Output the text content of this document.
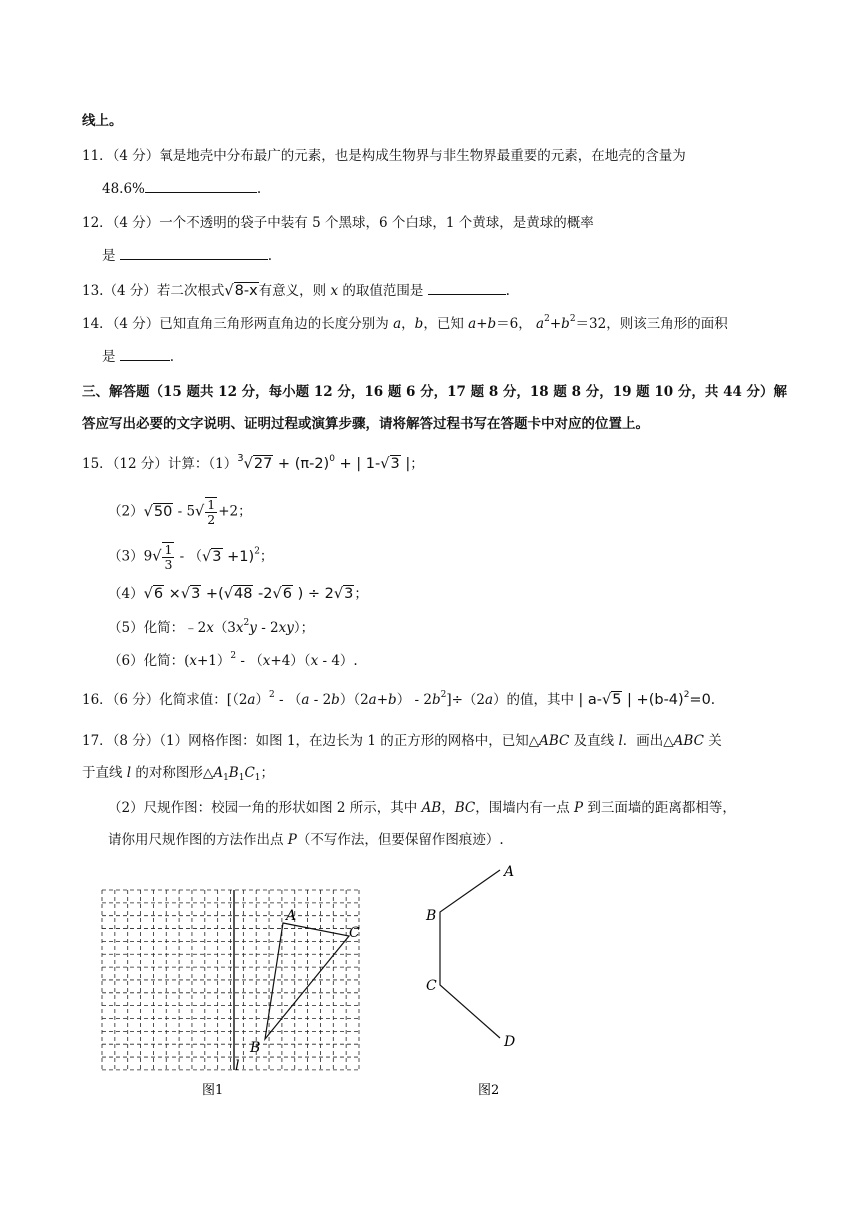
线上。
11．（4 分）氧是地壳中分布最广的元素，也是构成生物界与非生物界最重要的元素，在地壳的含量为
48.6%	.
12．（4 分）一个不透明的袋子中装有 5 个黑球，6 个白球，1 个黄球，是黄球的概率
是	.
13.（4 分）若二次根式√8-x有意义，则 x 的取值范围是	.
14．（4 分）已知直角三角形两直角边的长度分别为 a，b，已知 a+b＝6， $a^2+b^2=32$，则该三角形的面积
是	.
三、解答题（15 题共 12 分，每小题 12 分，16 题 6 分，17 题 8 分，18 题 8 分，19 题 10 分，共 44 分）解
答应写出必要的文字说明、证明过程或演算步骤，请将解答过程书写在答题卡中对应的位置上。
15．（12 分）计算：$(1)^3√27 + (\pi-2)^0$ + | 1-√3 |；
$(2)√50 - 5√ \frac{1}{2} +2$；
$(3)9√ \frac{1}{3} - (√3 +1)^2$；
（4）√6 ×√3 +(√48 -2√6 ) ÷ 2√3；
（5）化简：$﹣2x(3x^2y - 2xy)$；
（6）化简：(x+1）$^2$ - （x+4）（x - 4）.
16．（6 分）化简求值：$[(2a)^2 - (a - 2b)(2a+b) - 2b^2]\div(2a)$的值，其中 | a-√5 | $+(b-4)^2=0$.
17．（8 分）（1）网格作图：如图 1，在边长为 1 的正方形的网格中，已知△ABC 及直线 l．画出△ABC 关
于直线 l 的对称图形$\triangle A_1B_1C_1$；
（2）尺规作图：校园一角的形状如图 2 所示，其中 AB，BC，围墙内有一点 P 到三面墙的距离都相等，
请你用尺规作图的方法作出点 P（不写作法，但要保留作图痕迹）.
A
C
B
l
图1
A
B
C
D
图2
